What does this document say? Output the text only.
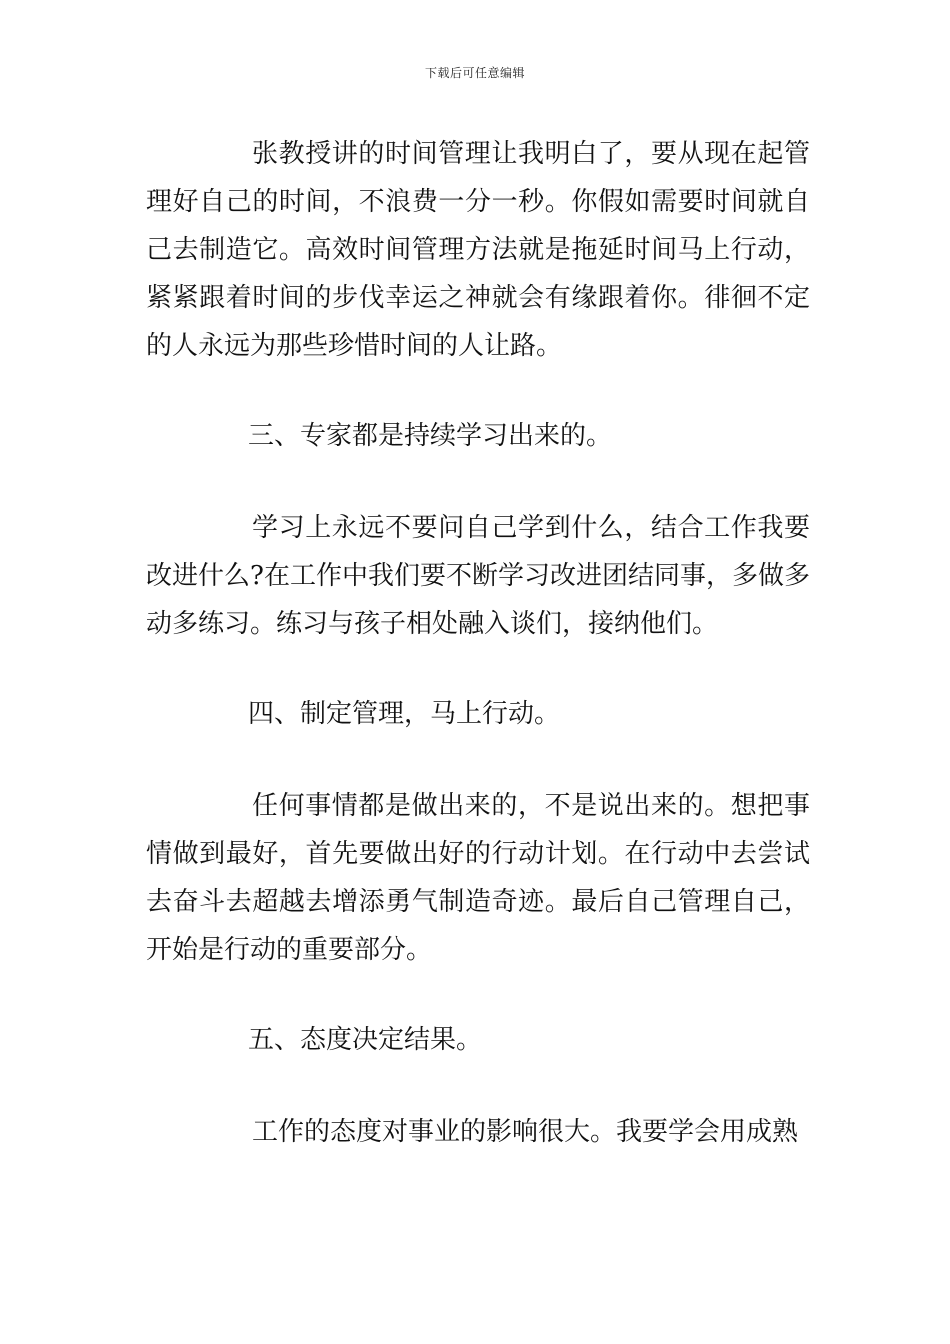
下载后可任意编辑

张教授讲的时间管理让我明白了，要从现在起管理好自己的时间，不浪费一分一秒。你假如需要时间就自己去制造它。高效时间管理方法就是拖延时间马上行动，紧紧跟着时间的步伐幸运之神就会有缘跟着你。徘徊不定的人永远为那些珍惜时间的人让路。

三、专家都是持续学习出来的。

学习上永远不要问自己学到什么，结合工作我要改进什么?在工作中我们要不断学习改进团结同事，多做多动多练习。练习与孩子相处融入谈们，接纳他们。

四、制定管理，马上行动。

任何事情都是做出来的，不是说出来的。想把事情做到最好，首先要做出好的行动计划。在行动中去尝试去奋斗去超越去增添勇气制造奇迹。最后自己管理自己，开始是行动的重要部分。

五、态度决定结果。

工作的态度对事业的影响很大。我要学会用成熟
